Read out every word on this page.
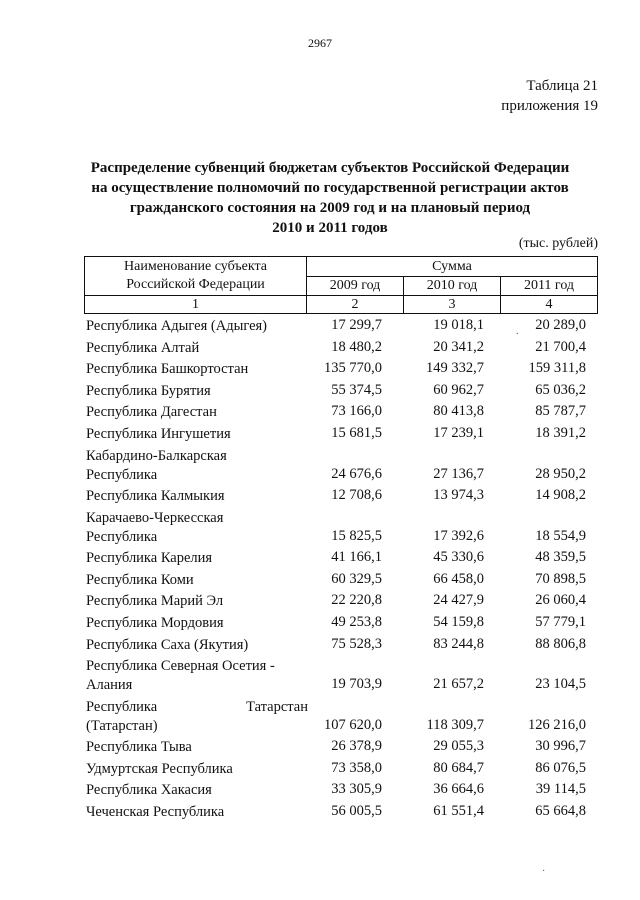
2967
Таблица 21
приложения 19
Распределение субвенций бюджетам субъектов Российской Федерации
на осуществление полномочий по государственной регистрации актов
гражданского состояния на 2009 год и на плановый период
2010 и 2011 годов
(тыс. рублей)
Наименование субъекта Российской Федерации
Сумма
2009 год	2010 год	2011 год
1	2	3	4
Республика Адыгея (Адыгея)	17 299,7	19 018,1	20 289,0
Республика Алтай	18 480,2	20 341,2	21 700,4
Республика Башкортостан	135 770,0	149 332,7	159 311,8
Республика Бурятия	55 374,5	60 962,7	65 036,2
Республика Дагестан	73 166,0	80 413,8	85 787,7
Республика Ингушетия	15 681,5	17 239,1	18 391,2
Кабардино-Балкарская
Республика	24 676,6	27 136,7	28 950,2
Республика Калмыкия	12 708,6	13 974,3	14 908,2
Карачаево-Черкесская
Республика	15 825,5	17 392,6	18 554,9
Республика Карелия	41 166,1	45 330,6	48 359,5
Республика Коми	60 329,5	66 458,0	70 898,5
Республика Марий Эл	22 220,8	24 427,9	26 060,4
Республика Мордовия	49 253,8	54 159,8	57 779,1
Республика Саха (Якутия)	75 528,3	83 244,8	88 806,8
Республика Северная Осетия -
Алания	19 703,9	21 657,2	23 104,5
Республика	Татарстан
(Татарстан)	107 620,0	118 309,7	126 216,0
Республика Тыва	26 378,9	29 055,3	30 996,7
Удмуртская Республика	73 358,0	80 684,7	86 076,5
Республика Хакасия	33 305,9	36 664,6	39 114,5
Чеченская Республика	56 005,5	61 551,4	65 664,8
.
·
